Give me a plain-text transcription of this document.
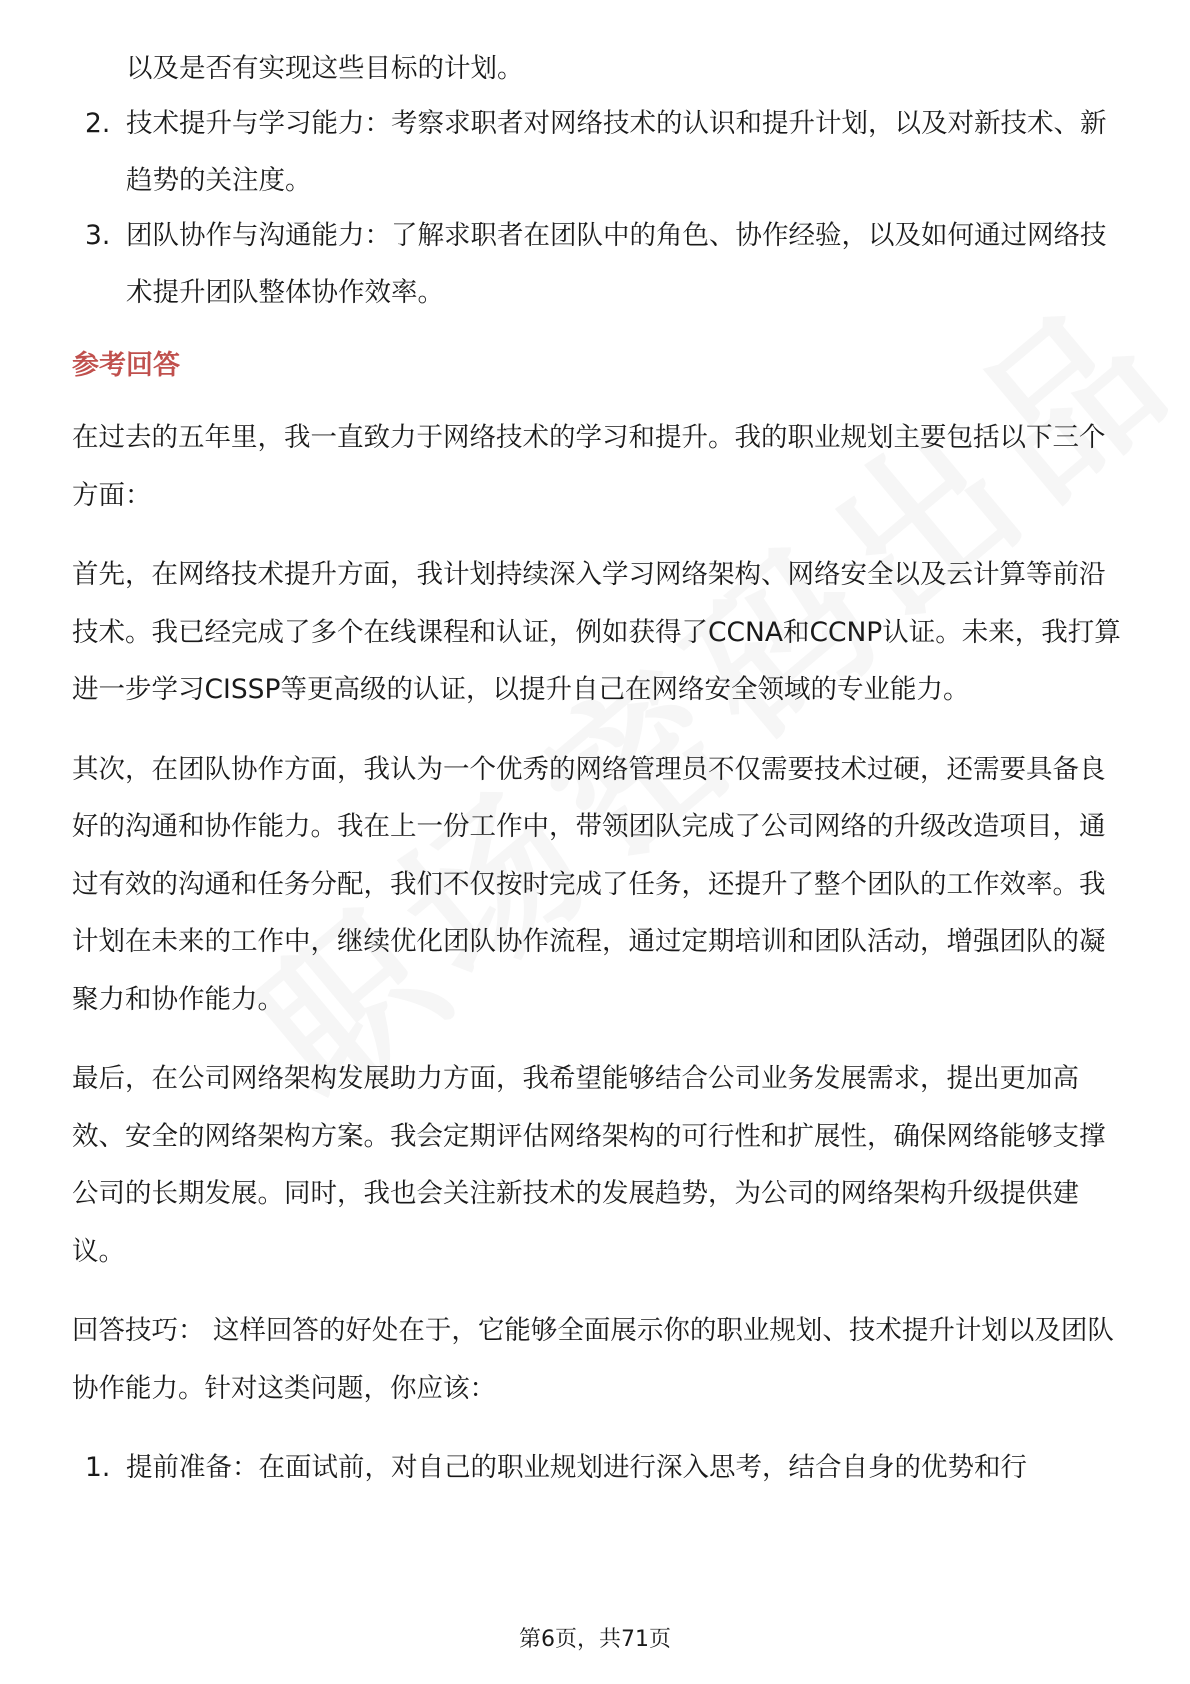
以及是否有实现这些目标的计划。
2. 技术提升与学习能力：考察求职者对网络技术的认识和提升计划，以及对新技术、新趋势的关注度。
3. 团队协作与沟通能力：了解求职者在团队中的角色、协作经验，以及如何通过网络技术提升团队整体协作效率。
参考回答

在过去的五年里，我一直致力于网络技术的学习和提升。我的职业规划主要包括以下三个方面：

首先，在网络技术提升方面，我计划持续深入学习网络架构、网络安全以及云计算等前沿技术。我已经完成了多个在线课程和认证，例如获得了CCNA和CCNP认证。未来，我打算进一步学习CISSP等更高级的认证，以提升自己在网络安全领域的专业能力。

其次，在团队协作方面，我认为一个优秀的网络管理员不仅需要技术过硬，还需要具备良好的沟通和协作能力。我在上一份工作中，带领团队完成了公司网络的升级改造项目，通过有效的沟通和任务分配，我们不仅按时完成了任务，还提升了整个团队的工作效率。我计划在未来的工作中，继续优化团队协作流程，通过定期培训和团队活动，增强团队的凝聚力和协作能力。

最后，在公司网络架构发展助力方面，我希望能够结合公司业务发展需求，提出更加高效、安全的网络架构方案。我会定期评估网络架构的可行性和扩展性，确保网络能够支撑公司的长期发展。同时，我也会关注新技术的发展趋势，为公司的网络架构升级提供建议。

回答技巧： 这样回答的好处在于，它能够全面展示你的职业规划、技术提升计划以及团队协作能力。针对这类问题，你应该：

1. 提前准备：在面试前，对自己的职业规划进行深入思考，结合自身的优势和行
第6页，共71页
